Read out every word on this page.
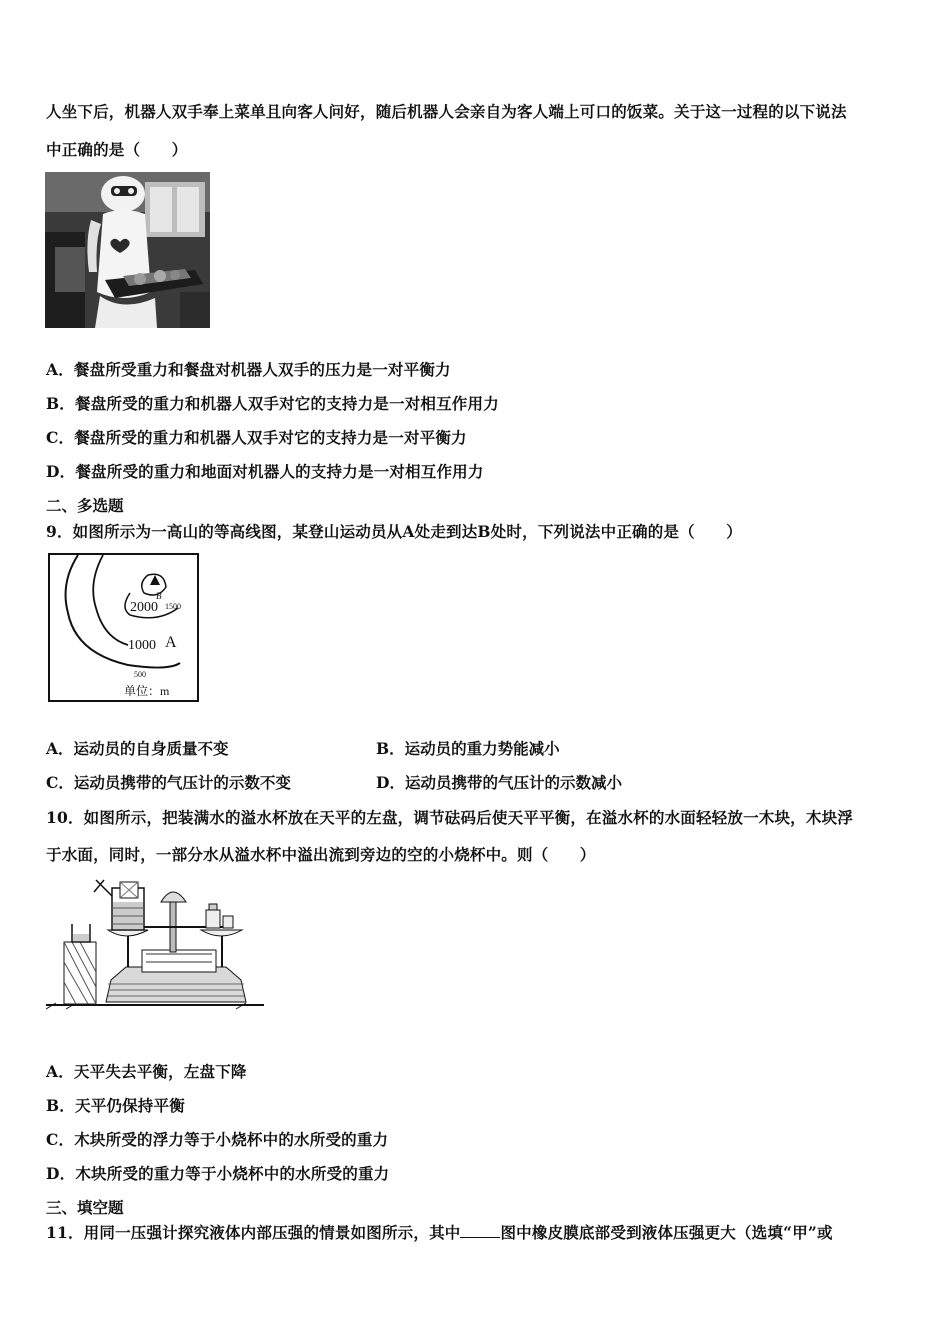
人坐下后，机器人双手奉上菜单且向客人问好，随后机器人会亲自为客人端上可口的饭菜。关于这一过程的以下说法
中正确的是（　　）
A．餐盘所受重力和餐盘对机器人双手的压力是一对平衡力
B．餐盘所受的重力和机器人双手对它的支持力是一对相互作用力
C．餐盘所受的重力和机器人双手对它的支持力是一对平衡力
D．餐盘所受的重力和地面对机器人的支持力是一对相互作用力
二、多选题
9．如图所示为一高山的等高线图，某登山运动员从A处走到达B处时，下列说法中正确的是（　　）
2000 1500
B
1000 A
500
单位：m
A．运动员的自身质量不变	B．运动员的重力势能减小
C．运动员携带的气压计的示数不变	D．运动员携带的气压计的示数减小
10．如图所示，把装满水的溢水杯放在天平的左盘，调节砝码后使天平平衡，在溢水杯的水面轻轻放一木块，木块浮
于水面，同时，一部分水从溢水杯中溢出流到旁边的空的小烧杯中。则（　　）
A．天平失去平衡，左盘下降
B．天平仍保持平衡
C．木块所受的浮力等于小烧杯中的水所受的重力
D．木块所受的重力等于小烧杯中的水所受的重力
三、填空题
11．用同一压强计探究液体内部压强的情景如图所示，其中	图中橡皮膜底部受到液体压强更大（选填“甲”或
